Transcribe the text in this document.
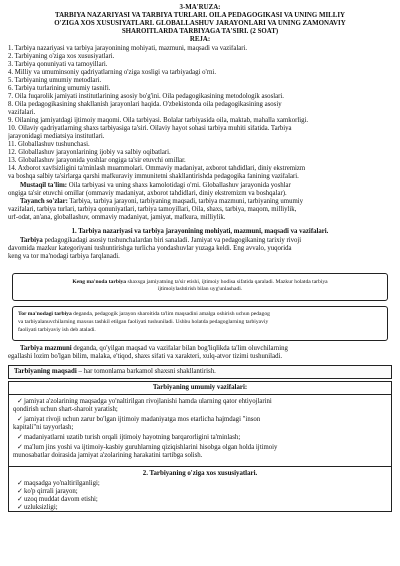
3-MA'RUZA:
TARBIYA NAZARIYASI VA TARBIYA TURLARI. OILA PEDAGOGIKASI VA UNING MILLIY
O'ZIGA XOS XUSUSIYATLARI. GLOBALLASHUV JARAYONLARI VA UNING ZAMONAVIY
SHAROITLARDA TARBIYAGA TA'SIRI. (2 SOAT)
REJA:
1. Tarbiya nazariyasi va tarbiya jarayonining mohiyati, mazmuni, maqsadi va vazifalari.
2. Tarbiyaning o'ziga xos xususiyatlari.
3. Tarbiya qonuniyati va tamoyillari.
4. Milliy va umuminsoniy qadriyatlarning o'ziga xosligi va tarbiyadagi o'rni.
5. Tarbiyaning umumiy metodlari.
6. Tarbiya turlarining umumiy tasnifi.
7. Oila fuqarolik jamiyati institutlarining asosiy bo'g'ini. Oila pedagogikasining metodologik asoslari.
8. Oila pedagogikasining shakllanish jarayonlari haqida. O'zbekistonda oila pedagogikasining asosiy
vazifalari.
9. Oilaning jamiyatdagi ijtimoiy maqomi. Oila tarbiyasi. Bolalar tarbiyasida oila, maktab, mahalla xamkorligi.
10. Oilaviy qadriyatlarning shaxs tarbiyasiga ta'siri. Oilaviy hayot sohasi tarbiya muhiti sifatida. Tarbiya
jarayonidagi mediatsiya institutlari.
11. Globallashuv tushunchasi.
12. Globallashuv jarayonlarining ijobiy va salbiy oqibatlari.
13. Globallashuv jarayonida yoshlar ongiga ta'sir etuvchi omillar.
14. Axborot xavfsizligini ta'minlash muammolari. Ommaviy madaniyat, axborot tahdidlari, diniy ekstremizm
va boshqa salbiy ta'sirlarga qarshi mafkuraviy immunitetni shakllantirishda pedagogika fanining vazifalari.
Mustaqil ta'lim: Oila tarbiyasi va uning shaxs kamolotidagi o'rni. Globallashuv jarayonida yoshlar
ongiga ta'sir etuvchi omillar (ommaviy madaniyat, axborot tahdidlari, diniy ekstremizm va boshqalar).
Tayanch so'zlar: Tarbiya, tarbiya jarayoni, tarbiyaning maqsadi, tarbiya mazmuni, tarbiyaning umumiy
vazifalari, tarbiya turlari, tarbiya qonuniyatlari, tarbiya tamoyillari, Oila, shaxs, tarbiya, maqom, milliylik,
urf-odat, an'ana, globallashuv, ommaviy madaniyat, jamiyat, mafkura, milliylik.
1. Tarbiya nazariyasi va tarbiya jarayonining mohiyati, mazmuni, maqsadi va vazifalari.
Tarbiya pedagogikadagi asosiy tushunchalardan biri sanaladi. Jamiyat va pedagogikaning tarixiy rivoji
davomida mazkur kategoriyani tushuntirishga turlicha yondashuvlar yuzaga keldi. Eng avvalo, yuqorida
keng va tor ma'nodagi tarbiya farqlanadi.
Keng ma'noda tarbiya shaxsga jamiyatning ta'sir etishi, ijtimoiy hodisa sifatida qaraladi. Mazkur holatda tarbiya
ijtimoiylashtirish bilan uyg'unlashadi.
Tor ma'nodagi tarbiya deganda, pedagogik jarayon sharoitida ta'lim maqsadini amalga oshirish uchun pedagog
va tarbiyalanuvchilarning maxsus tashkil etilgan faoliyati tushuniladi. Ushbu holatda pedagoglarning tarbiyaviy
faoliyati tarbiyaviy ish deb ataladi.
Tarbiya mazmuni deganda, qo'yilgan maqsad va vazifalar bilan bog'liqlikda ta'lim oluvchilarning
egallashi lozim bo'lgan bilim, malaka, e'tiqod, shaxs sifati va xarakteri, xulq-atvor tizimi tushuniladi.
Tarbiyaning maqsadi – har tomonlama barkamol shaxsni shakllantirish.
Tarbiyaning umumiy vazifalari:
✓jamiyat a'zolarining maqsadga yo'naltirilgan rivojlanishi hamda ularning qator ehtiyojlarini
qondirish uchun shart-sharoit yaratish;
✓jamiyat rivoji uchun zarur bo'lgan ijtimoiy madaniyatga mos etarlicha hajmdagi "inson
kapitali"ni tayyorlash;
✓madaniyatlarni uzatib turish orqali ijtimoiy hayotning barqarorligini ta'minlash;
✓ma'lum jins yoshi va ijtimoiy-kasbiy guruhlarning qiziqishlarini hisobga olgan holda ijtimoiy
munosabatlar doirasida jamiyat a'zolarining harakatini tartibga solish.
2. Tarbiyaning o'ziga xos xususiyatlari.
✓maqsadga yo'naltirilganligi;
✓ko'p qirrali jarayon;
✓uzoq muddat davom etishi;
✓uzluksizligi;
